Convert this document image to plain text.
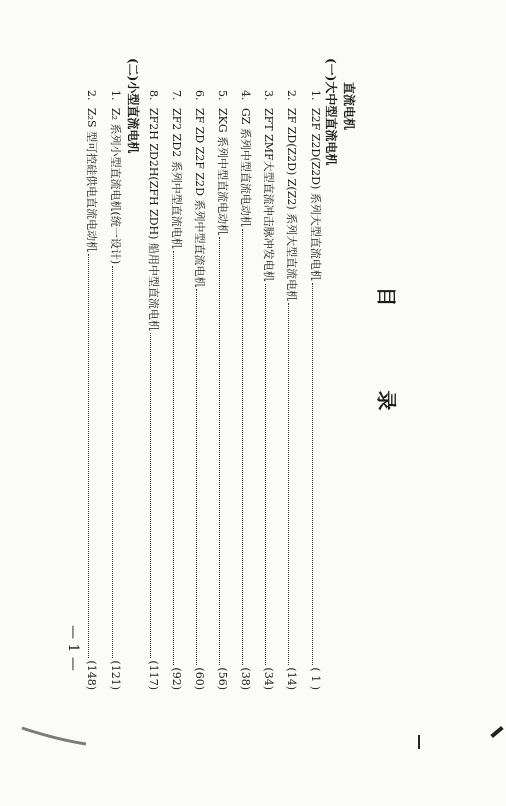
直流电机
(一)大中型直流电机
1.
Z2F Z2D(Z2D) 系列大型直流电机
( 1 )
2.
ZF ZD(Z2D) Z(Z2) 系列大型直流电机
(14)
3.
ZFT ZMF大型直流冲击脉冲发电机
(34)
4.
GZ 系列中型直流电动机
(38)
5.
ZKG 系列中型直流电动机
(56)
6.
ZF ZD Z2F Z2D 系列中型直流电机
(60)
7.
ZF2 ZD2 系列中型直流电机
(92)
8.
ZF2H ZD2H(ZFH ZDH) 船用中型直流电机
(117)
(二)小型直流电机
1.
Z₂ 系列小型直流电机(统一设计)
(121)
2.
Z₂S 型可控硅供电直流电动机
(148)
目
录
— 1 —
